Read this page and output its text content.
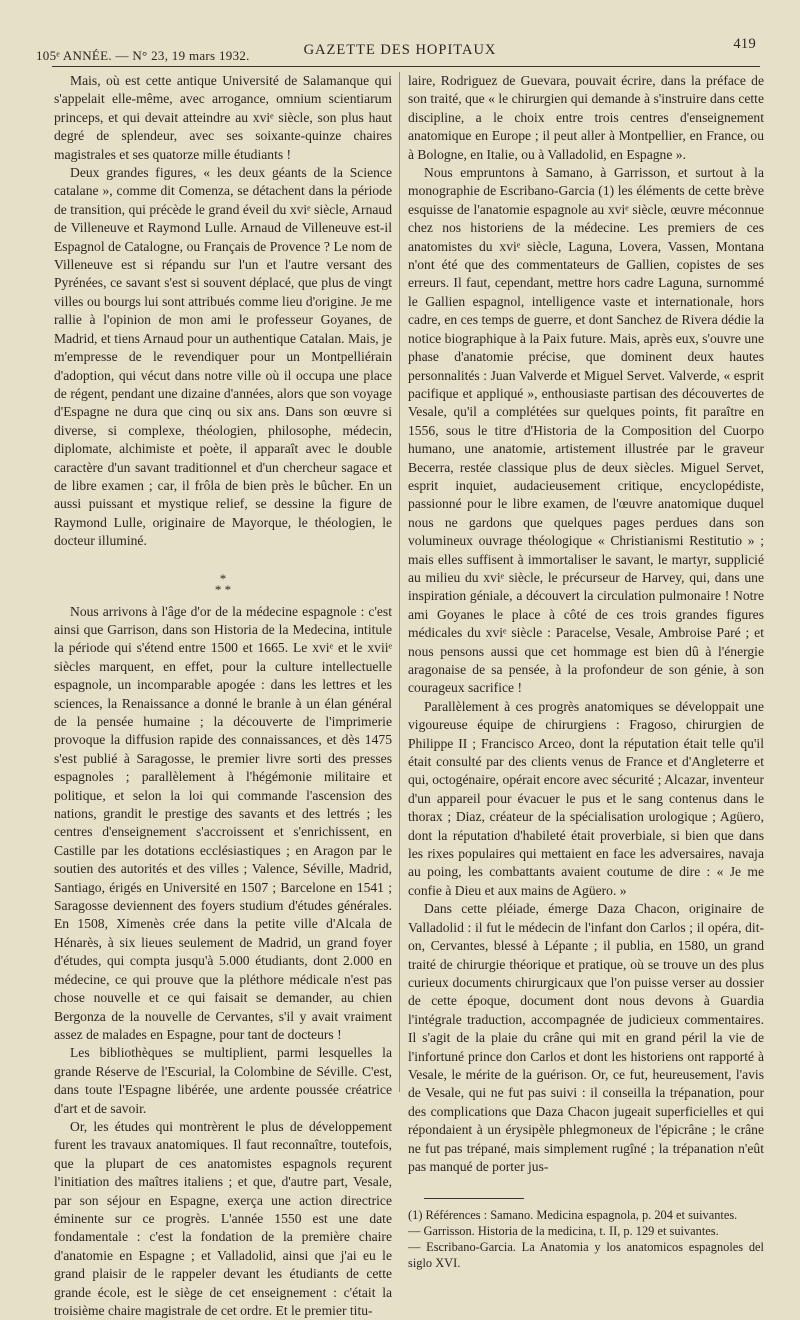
105ᵉ ANNÉE. — N° 23, 19 mars 1932.	GAZETTE DES HOPITAUX	419

Mais, où est cette antique Université de Salamanque qui s'appelait elle-même, avec arrogance, omnium scientiarum princeps, et qui devait atteindre au xviᵉ siècle, son plus haut degré de splendeur, avec ses soixante-quinze chaires magistrales et ses quatorze mille étudiants !

Deux grandes figures, « les deux géants de la Science catalane », comme dit Comenza, se détachent dans la période de transition, qui précède le grand éveil du xviᵉ siècle, Arnaud de Villeneuve et Raymond Lulle. Arnaud de Villeneuve est-il Espagnol de Catalogne, ou Français de Provence ? Le nom de Villeneuve est si répandu sur l'un et l'autre versant des Pyrénées, ce savant s'est si souvent déplacé, que plus de vingt villes ou bourgs lui sont attribués comme lieu d'origine. Je me rallie à l'opinion de mon ami le professeur Goyanes, de Madrid, et tiens Arnaud pour un authentique Catalan. Mais, je m'empresse de le revendiquer pour un Montpelliérain d'adoption, qui vécut dans notre ville où il occupa une place de régent, pendant une dizaine d'années, alors que son voyage d'Espagne ne dura que cinq ou six ans. Dans son œuvre si diverse, si complexe, théologien, philosophe, médecin, diplomate, alchimiste et poète, il apparaît avec le double caractère d'un savant traditionnel et d'un chercheur sagace et de libre examen ; car, il frôla de bien près le bûcher. En un aussi puissant et mystique relief, se dessine la figure de Raymond Lulle, originaire de Mayorque, le théologien, le docteur illuminé.

*
* *

Nous arrivons à l'âge d'or de la médecine espagnole : c'est ainsi que Garrison, dans son Historia de la Medecina, intitule la période qui s'étend entre 1500 et 1665. Le xviᵉ et le xviiᵉ siècles marquent, en effet, pour la culture intellectuelle espagnole, un incomparable apogée : dans les lettres et les sciences, la Renaissance a donné le branle à un élan général de la pensée humaine ; la découverte de l'imprimerie provoque la diffusion rapide des connaissances, et dès 1475 s'est publié à Saragosse, le premier livre sorti des presses espagnoles ; parallèlement à l'hégémonie militaire et politique, et selon la loi qui commande l'ascension des nations, grandit le prestige des savants et des lettrés ; les centres d'enseignement s'accroissent et s'enrichissent, en Castille par les dotations ecclésiastiques ; en Aragon par le soutien des autorités et des villes ; Valence, Séville, Madrid, Santiago, érigés en Université en 1507 ; Barcelone en 1541 ; Saragosse deviennent des foyers studium d'études générales. En 1508, Ximenès crée dans la petite ville d'Alcala de Hénarès, à six lieues seulement de Madrid, un grand foyer d'études, qui compta jusqu'à 5.000 étudiants, dont 2.000 en médecine, ce qui prouve que la pléthore médicale n'est pas chose nouvelle et ce qui faisait se demander, au chien Bergonza de la nouvelle de Cervantes, s'il y avait vraiment assez de malades en Espagne, pour tant de docteurs !

Les bibliothèques se multiplient, parmi lesquelles la grande Réserve de l'Escurial, la Colombine de Séville. C'est, dans toute l'Espagne libérée, une ardente poussée créatrice d'art et de savoir.

Or, les études qui montrèrent le plus de développement furent les travaux anatomiques. Il faut reconnaître, toutefois, que la plupart de ces anatomistes espagnols reçurent l'initiation des maîtres italiens ; et que, d'autre part, Vesale, par son séjour en Espagne, exerça une action directrice éminente sur ce progrès. L'année 1550 est une date fondamentale : c'est la fondation de la première chaire d'anatomie en Espagne ; et Valladolid, ainsi que j'ai eu le grand plaisir de le rappeler devant les étudiants de cette grande école, est le siège de cet enseignement : c'était la troisième chaire magistrale de cet ordre. Et le premier titu-

laire, Rodriguez de Guevara, pouvait écrire, dans la préface de son traité, que « le chirurgien qui demande à s'instruire dans cette discipline, a le choix entre trois centres d'enseignement anatomique en Europe ; il peut aller à Montpellier, en France, ou à Bologne, en Italie, ou à Valladolid, en Espagne ».

Nous empruntons à Samano, à Garrisson, et surtout à la monographie de Escribano-Garcia (1) les éléments de cette brève esquisse de l'anatomie espagnole au xviᵉ siècle, œuvre méconnue chez nos historiens de la médecine. Les premiers de ces anatomistes du xviᵉ siècle, Laguna, Lovera, Vassen, Montana n'ont été que des commentateurs de Gallien, copistes de ses erreurs. Il faut, cependant, mettre hors cadre Laguna, surnommé le Gallien espagnol, intelligence vaste et internationale, hors cadre, en ces temps de guerre, et dont Sanchez de Rivera dédie la notice biographique à la Paix future. Mais, après eux, s'ouvre une phase d'anatomie précise, que dominent deux hautes personnalités : Juan Valverde et Miguel Servet. Valverde, « esprit pacifique et appliqué », enthousiaste partisan des découvertes de Vesale, qu'il a complétées sur quelques points, fit paraître en 1556, sous le titre d'Historia de la Composition del Cuorpo humano, une anatomie, artistement illustrée par le graveur Becerra, restée classique plus de deux siècles. Miguel Servet, esprit inquiet, audacieusement critique, encyclopédiste, passionné pour le libre examen, de l'œuvre anatomique duquel nous ne gardons que quelques pages perdues dans son volumineux ouvrage théologique « Christianismi Restitutio » ; mais elles suffisent à immortaliser le savant, le martyr, supplicié au milieu du xviᵉ siècle, le précurseur de Harvey, qui, dans une inspiration géniale, a découvert la circulation pulmonaire ! Notre ami Goyanes le place à côté de ces trois grandes figures médicales du xviᵉ siècle : Paracelse, Vesale, Ambroise Paré ; et nous pensons aussi que cet hommage est bien dû à l'énergie aragonaise de sa pensée, à la profondeur de son génie, à son courageux sacrifice !

Parallèlement à ces progrès anatomiques se développait une vigoureuse équipe de chirurgiens : Fragoso, chirurgien de Philippe II ; Francisco Arceo, dont la réputation était telle qu'il était consulté par des clients venus de France et d'Angleterre et qui, octogénaire, opérait encore avec sécurité ; Alcazar, inventeur d'un appareil pour évacuer le pus et le sang contenus dans le thorax ; Diaz, créateur de la spécialisation urologique ; Agüero, dont la réputation d'habileté était proverbiale, si bien que dans les rixes populaires qui mettaient en face les adversaires, navaja au poing, les combattants avaient coutume de dire : « Je me confie à Dieu et aux mains de Agüero. »

Dans cette pléiade, émerge Daza Chacon, originaire de Valladolid : il fut le médecin de l'infant don Carlos ; il opéra, dit-on, Cervantes, blessé à Lépante ; il publia, en 1580, un grand traité de chirurgie théorique et pratique, où se trouve un des plus curieux documents chirurgicaux que l'on puisse verser au dossier de cette époque, document dont nous devons à Guardia l'intégrale traduction, accompagnée de judicieux commentaires. Il s'agit de la plaie du crâne qui mit en grand péril la vie de l'infortuné prince don Carlos et dont les historiens ont rapporté à Vesale, le mérite de la guérison. Or, ce fut, heureusement, l'avis de Vesale, qui ne fut pas suivi : il conseilla la trépanation, pour des complications que Daza Chacon jugeait superficielles et qui répondaient à un érysipèle phlegmoneux de l'épicrâne ; le crâne ne fut pas trépané, mais simplement rugîné ; la trépanation n'eût pas manqué de porter jus-

(1) Références : Samano. Medicina espagnola, p. 204 et suivantes.

— Garrisson. Historia de la medicina, t. II, p. 129 et suivantes.

— Escribano-Garcia. La Anatomia y los anatomicos espagnoles del siglo XVI.
